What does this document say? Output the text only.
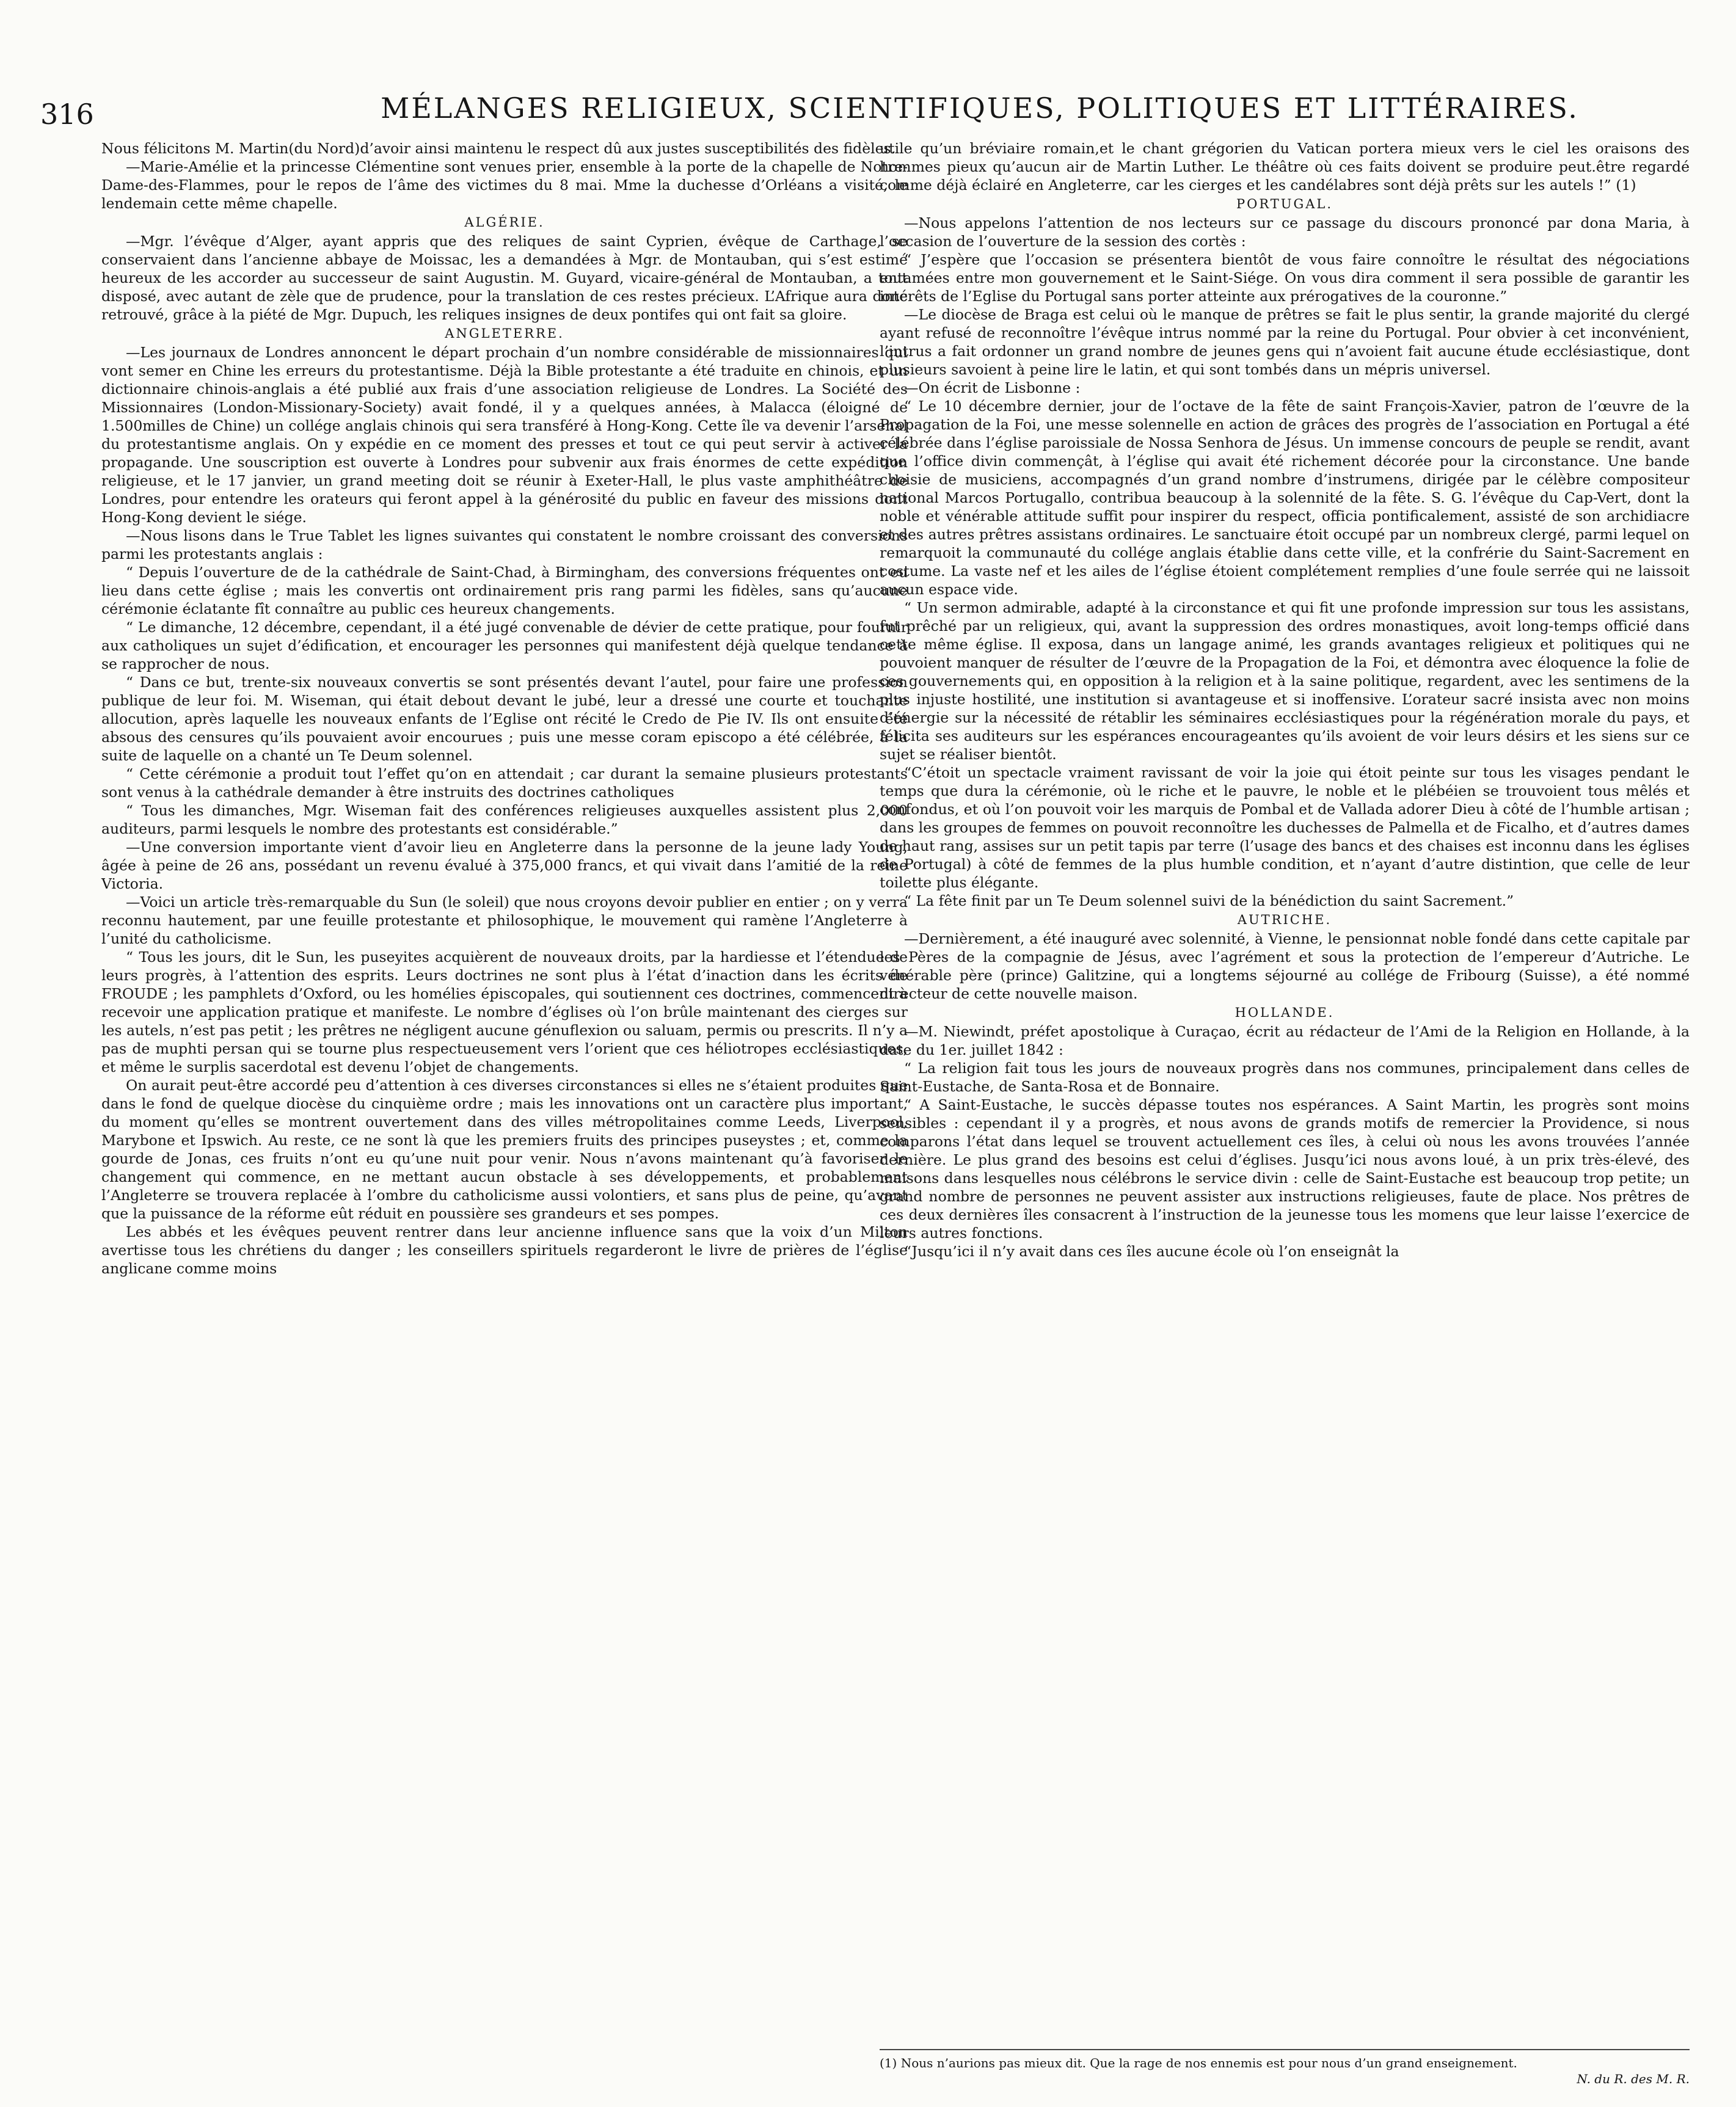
316	MÉLANGES RELIGIEUX, SCIENTIFIQUES, POLITIQUES ET LITTÉRAIRES.

Nous félicitons M. Martin(du Nord)d’avoir ainsi maintenu le respect dû aux justes susceptibilités des fidèles.

—Marie-Amélie et la princesse Clémentine sont venues prier, ensemble à la porte de la chapelle de Notre-Dame-des-Flammes, pour le repos de l’âme des victimes du 8 mai. Mme la duchesse d’Orléans a visité, le lendemain cette même chapelle.

ALGÉRIE.

—Mgr. l’évêque d’Alger, ayant appris que des reliques de saint Cyprien, évêque de Carthage, se conservaient dans l’ancienne abbaye de Moissac, les a demandées à Mgr. de Montauban, qui s’est estimé heureux de les accorder au successeur de saint Augustin. M. Guyard, vicaire-général de Montauban, a tout disposé, avec autant de zèle que de prudence, pour la translation de ces restes précieux. L’Afrique aura donc retrouvé, grâce à la piété de Mgr. Dupuch, les reliques insignes de deux pontifes qui ont fait sa gloire.

ANGLETERRE.

—Les journaux de Londres annoncent le départ prochain d’un nombre considérable de missionnaires qui vont semer en Chine les erreurs du protestantisme. Déjà la Bible protestante a été traduite en chinois, et un dictionnaire chinois-anglais a été publié aux frais d’une association religieuse de Londres. La Société des Missionnaires (London-Missionary-Society) avait fondé, il y a quelques années, à Malacca (éloigné de 1.500milles de Chine) un collége anglais chinois qui sera transféré à Hong-Kong. Cette île va devenir l’arsenal du protestantisme anglais. On y expédie en ce moment des presses et tout ce qui peut servir à activer la propagande. Une souscription est ouverte à Londres pour subvenir aux frais énormes de cette expédition religieuse, et le 17 janvier, un grand meeting doit se réunir à Exeter-Hall, le plus vaste amphithéâtre de Londres, pour entendre les orateurs qui feront appel à la générosité du public en faveur des missions dont Hong-Kong devient le siége.

—Nous lisons dans le True Tablet les lignes suivantes qui constatent le nombre croissant des conversions parmi les protestants anglais :

“ Depuis l’ouverture de de la cathédrale de Saint-Chad, à Birmingham, des conversions fréquentes ont eu lieu dans cette église ; mais les convertis ont ordinairement pris rang parmi les fidèles, sans qu’aucune cérémonie éclatante fît connaître au public ces heureux changements.

“ Le dimanche, 12 décembre, cependant, il a été jugé convenable de dévier de cette pratique, pour fournir aux catholiques un sujet d’édification, et encourager les personnes qui manifestent déjà quelque tendance à se rapprocher de nous.

“ Dans ce but, trente-six nouveaux convertis se sont présentés devant l’autel, pour faire une profession publique de leur foi. M. Wiseman, qui était debout devant le jubé, leur a dressé une courte et touchante allocution, après laquelle les nouveaux enfants de l’Eglise ont récité le Credo de Pie IV. Ils ont ensuite été absous des censures qu’ils pouvaient avoir encourues ; puis une messe coram episcopo a été célébrée, à la suite de laquelle on a chanté un Te Deum solennel.

“ Cette cérémonie a produit tout l’effet qu’on en attendait ; car durant la semaine plusieurs protestants sont venus à la cathédrale demander à être instruits des doctrines catholiques

“ Tous les dimanches, Mgr. Wiseman fait des conférences religieuses auxquelles assistent plus 2,000 auditeurs, parmi lesquels le nombre des protestants est considérable.”

—Une conversion importante vient d’avoir lieu en Angleterre dans la personne de la jeune lady Young, âgée à peine de 26 ans, possédant un revenu évalué à 375,000 francs, et qui vivait dans l’amitié de la reine Victoria.

—Voici un article très-remarquable du Sun (le soleil) que nous croyons devoir publier en entier ; on y verra reconnu hautement, par une feuille protestante et philosophique, le mouvement qui ramène l’Angleterre à l’unité du catholicisme.

“ Tous les jours, dit le Sun, les puseyites acquièrent de nouveaux droits, par la hardiesse et l’étendue de leurs progrès, à l’attention des esprits. Leurs doctrines ne sont plus à l’état d’inaction dans les écrits de FROUDE ; les pamphlets d’Oxford, ou les homélies épiscopales, qui soutiennent ces doctrines, commencent à recevoir une application pratique et manifeste. Le nombre d’églises où l’on brûle maintenant des cierges sur les autels, n’est pas petit ; les prêtres ne négligent aucune génuflexion ou saluam, permis ou prescrits. Il n’y a pas de muphti persan qui se tourne plus respectueusement vers l’orient que ces héliotropes ecclésiastiques, et même le surplis sacerdotal est devenu l’objet de changements.

On aurait peut-être accordé peu d’attention à ces diverses circonstances si elles ne s’étaient produites que dans le fond de quelque diocèse du cinquième ordre ; mais les innovations ont un caractère plus important, du moment qu’elles se montrent ouvertement dans des villes métropolitaines comme Leeds, Liverpool, Marybone et Ipswich. Au reste, ce ne sont là que les premiers fruits des principes puseystes ; et, comme la gourde de Jonas, ces fruits n’ont eu qu’une nuit pour venir. Nous n’avons maintenant qu’à favoriser le changement qui commence, en ne mettant aucun obstacle à ses développements, et probablement l’Angleterre se trouvera replacée à l’ombre du catholicisme aussi volontiers, et sans plus de peine, qu’avant que la puissance de la réforme eût réduit en poussière ses grandeurs et ses pompes.

Les abbés et les évêques peuvent rentrer dans leur ancienne influence sans que la voix d’un Milton avertisse tous les chrétiens du danger ; les conseillers spirituels regarderont le livre de prières de l’église anglicane comme moins

utile qu’un bréviaire romain,et le chant grégorien du Vatican portera mieux vers le ciel les oraisons des hommes pieux qu’aucun air de Martin Luther. Le théâtre où ces faits doivent se produire peut.être regardé comme déjà éclairé en Angleterre, car les cierges et les candélabres sont déjà prêts sur les autels !” (1)

PORTUGAL.

—Nous appelons l’attention de nos lecteurs sur ce passage du discours prononcé par dona Maria, à l’occasion de l’ouverture de la session des cortès :

“ J’espère que l’occasion se présentera bientôt de vous faire connoître le résultat des négociations entamées entre mon gouvernement et le Saint-Siége. On vous dira comment il sera possible de garantir les intérêts de l’Eglise du Portugal sans porter atteinte aux prérogatives de la couronne.”

—Le diocèse de Braga est celui où le manque de prêtres se fait le plus sentir, la grande majorité du clergé ayant refusé de reconnoître l’évêque intrus nommé par la reine du Portugal. Pour obvier à cet inconvénient, l’intrus a fait ordonner un grand nombre de jeunes gens qui n’avoient fait aucune étude ecclésiastique, dont plusieurs savoient à peine lire le latin, et qui sont tombés dans un mépris universel.

—On écrit de Lisbonne :

“ Le 10 décembre dernier, jour de l’octave de la fête de saint François-Xavier, patron de l’œuvre de la Propagation de la Foi, une messe solennelle en action de grâces des progrès de l’association en Portugal a été célébrée dans l’église paroissiale de Nossa Senhora de Jésus. Un immense concours de peuple se rendit, avant que l’office divin commençât, à l’église qui avait été richement décorée pour la circonstance. Une bande choisie de musiciens, accompagnés d’un grand nombre d’instrumens, dirigée par le célèbre compositeur national Marcos Portugallo, contribua beaucoup à la solennité de la fête. S. G. l’évêque du Cap-Vert, dont la noble et vénérable attitude suffit pour inspirer du respect, officia pontificalement, assisté de son archidiacre et des autres prêtres assistans ordinaires. Le sanctuaire étoit occupé par un nombreux clergé, parmi lequel on remarquoit la communauté du collége anglais établie dans cette ville, et la confrérie du Saint-Sacrement en costume. La vaste nef et les ailes de l’église étoient complétement remplies d’une foule serrée qui ne laissoit aucun espace vide.

“ Un sermon admirable, adapté à la circonstance et qui fit une profonde impression sur tous les assistans, fut prêché par un religieux, qui, avant la suppression des ordres monastiques, avoit long-temps officié dans cette même église. Il exposa, dans un langage animé, les grands avantages religieux et politiques qui ne pouvoient manquer de résulter de l’œuvre de la Propagation de la Foi, et démontra avec éloquence la folie de ces gouvernements qui, en opposition à la religion et à la saine politique, regardent, avec les sentimens de la plus injuste hostilité, une institution si avantageuse et si inoffensive. L’orateur sacré insista avec non moins d’énergie sur la nécessité de rétablir les séminaires ecclésiastiques pour la régénération morale du pays, et félicita ses auditeurs sur les espérances encourageantes qu’ils avoient de voir leurs désirs et les siens sur ce sujet se réaliser bientôt.

“C’étoit un spectacle vraiment ravissant de voir la joie qui étoit peinte sur tous les visages pendant le temps que dura la cérémonie, où le riche et le pauvre, le noble et le plébéien se trouvoient tous mêlés et confondus, et où l’on pouvoit voir les marquis de Pombal et de Vallada adorer Dieu à côté de l’humble artisan ; dans les groupes de femmes on pouvoit reconnoître les duchesses de Palmella et de Ficalho, et d’autres dames de haut rang, assises sur un petit tapis par terre (l’usage des bancs et des chaises est inconnu dans les églises de Portugal) à côté de femmes de la plus humble condition, et n’ayant d’autre distintion, que celle de leur toilette plus élégante.

“ La fête finit par un Te Deum solennel suivi de la bénédiction du saint Sacrement.”

AUTRICHE.

—Dernièrement, a été inauguré avec solennité, à Vienne, le pensionnat noble fondé dans cette capitale par les Pères de la compagnie de Jésus, avec l’agrément et sous la protection de l’empereur d’Autriche. Le vénérable père (prince) Galitzine, qui a longtems séjourné au collége de Fribourg (Suisse), a été nommé directeur de cette nouvelle maison.

HOLLANDE.

—M. Niewindt, préfet apostolique à Curaçao, écrit au rédacteur de l’Ami de la Religion en Hollande, à la date du 1er. juillet 1842 :

“ La religion fait tous les jours de nouveaux progrès dans nos communes, principalement dans celles de Saint-Eustache, de Santa-Rosa et de Bonnaire.

“ A Saint-Eustache, le succès dépasse toutes nos espérances. A Saint Martin, les progrès sont moins sensibles : cependant il y a progrès, et nous avons de grands motifs de remercier la Providence, si nous comparons l’état dans lequel se trouvent actuellement ces îles, à celui où nous les avons trouvées l’année dernière. Le plus grand des besoins est celui d’églises. Jusqu’ici nous avons loué, à un prix très-élevé, des maisons dans lesquelles nous célébrons le service divin : celle de Saint-Eustache est beaucoup trop petite; un grand nombre de personnes ne peuvent assister aux instructions religieuses, faute de place. Nos prêtres de ces deux dernières îles consacrent à l’instruction de la jeunesse tous les momens que leur laisse l’exercice de leurs autres fonctions.

“Jusqu’ici il n’y avait dans ces îles aucune école où l’on enseignât la

(1) Nous n’aurions pas mieux dit. Que la rage de nos ennemis est pour nous d’un grand enseignement.
N. du R. des M. R.
